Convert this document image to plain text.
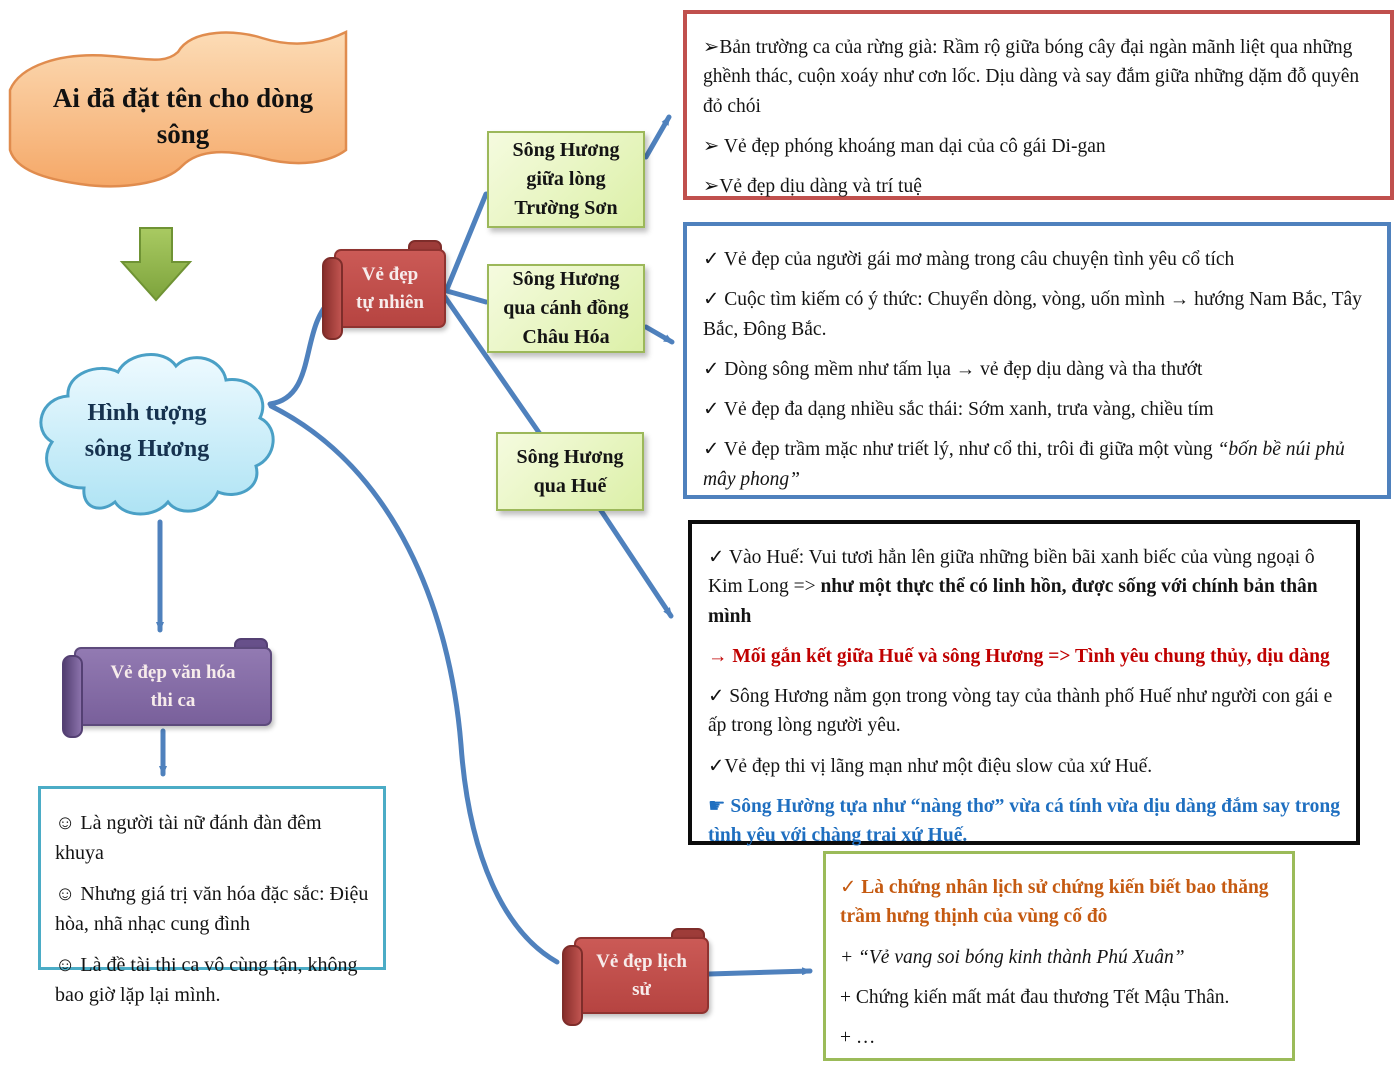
Ai đã đặt tên cho dòng sông
Hình tượng
sông Hương
Vẻ đẹp
tự nhiên
Vẻ đẹp văn hóa
thi ca
Vẻ đẹp lịch
sử
Sông Hương giữa lòng Trường Sơn
Sông Hương qua cánh đồng Châu Hóa
Sông Hương qua Huế

➢Bản trường ca của rừng già: Rầm rộ giữa bóng cây đại ngàn mãnh liệt qua những ghềnh thác, cuộn xoáy như cơn lốc. Dịu dàng và say đắm giữa những dặm đỗ quyên đỏ chói

➢ Vẻ đẹp phóng khoáng man dại của cô gái Di-gan

➢Vẻ đẹp dịu dàng và trí tuệ

✓ Vẻ đẹp của người gái mơ màng trong câu chuyện tình yêu cổ tích

✓ Cuộc tìm kiếm có ý thức: Chuyển dòng, vòng, uốn mình → hướng Nam Bắc, Tây Bắc, Đông Bắc.

✓ Dòng sông mềm như tấm lụa → vẻ đẹp dịu dàng và tha thướt

✓ Vẻ đẹp đa dạng nhiều sắc thái: Sớm xanh, trưa vàng, chiều tím

✓ Vẻ đẹp trầm mặc như triết lý, như cổ thi, trôi đi giữa một vùng “bốn bề núi phủ mây phong”

✓ Vào Huế: Vui tươi hẳn lên giữa những biền bãi xanh biếc của vùng ngoại ô Kim Long => như một thực thể có linh hồn, được sống với chính bản thân mình

→ Mối gắn kết giữa Huế và sông Hương => Tình yêu chung thủy, dịu dàng

✓ Sông Hương nằm gọn trong vòng tay của thành phố Huế như người con gái e ấp trong lòng người yêu.

✓Vẻ đẹp thi vị lãng mạn như một điệu slow của xứ Huế.

☛ Sông Hường tựa như “nàng thơ” vừa cá tính vừa dịu dàng đắm say trong tình yêu với chàng trai xứ Huế.

☺ Là người tài nữ đánh đàn đêm khuya

☺ Nhưng giá trị văn hóa đặc sắc: Điệu hòa, nhã nhạc cung đình

☺ Là đề tài thi ca vô cùng tận, không bao giờ lặp lại mình.

✓ Là chứng nhân lịch sử chứng kiến biết bao thăng trầm hưng thịnh của vùng cố đô

+ “Vẻ vang soi bóng kinh thành Phú Xuân”

+ Chứng kiến mất mát đau thương Tết Mậu Thân.

+ …
